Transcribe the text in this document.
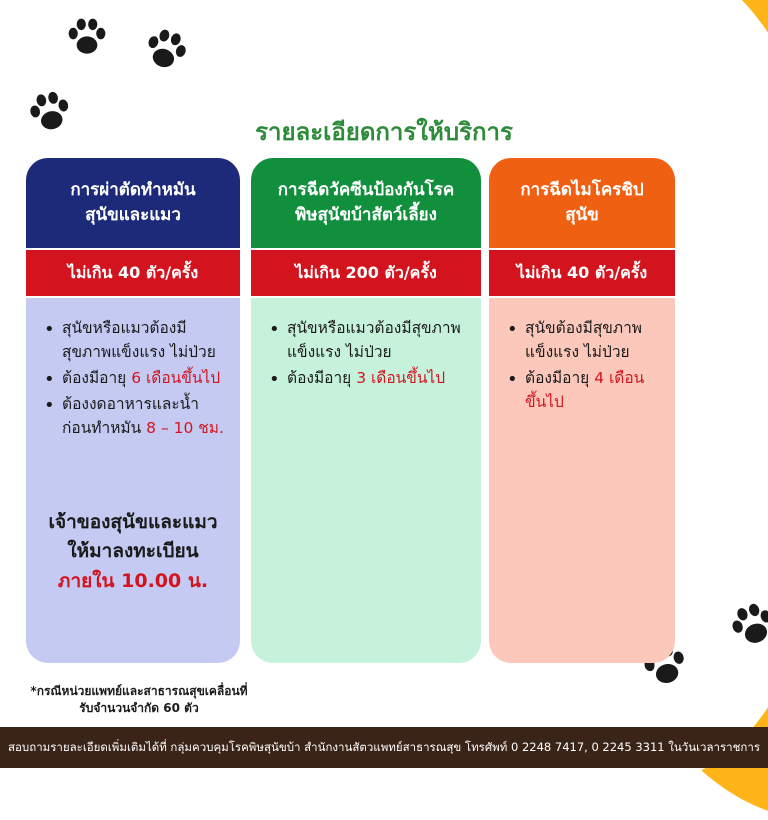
รายละเอียดการให้บริการ
การผ่าตัดทำหมัน
สุนัขและแมว
ไม่เกิน 40 ตัว/ครั้ง
• สุนัขหรือแมวต้องมีสุขภาพแข็งแรง ไม่ป่วย
• ต้องมีอายุ 6 เดือนขึ้นไป
• ต้องงดอาหารและน้ำก่อนทำหมัน 8 – 10 ชม.
เจ้าของสุนัขและแมว
ให้มาลงทะเบียน
ภายใน 10.00 น.
การฉีดวัคซีนป้องกันโรค
พิษสุนัขบ้าสัตว์เลี้ยง
ไม่เกิน 200 ตัว/ครั้ง
• สุนัขหรือแมวต้องมีสุขภาพแข็งแรง ไม่ป่วย
• ต้องมีอายุ 3 เดือนขึ้นไป
การฉีดไมโครชิป
สุนัข
ไม่เกิน 40 ตัว/ครั้ง
• สุนัขต้องมีสุขภาพแข็งแรง ไม่ป่วย
• ต้องมีอายุ 4 เดือนขึ้นไป
*กรณีหน่วยแพทย์และสาธารณสุขเคลื่อนที่
รับจำนวนจำกัด 60 ตัว
สอบถามรายละเอียดเพิ่มเติมได้ที่ กลุ่มควบคุมโรคพิษสุนัขบ้า สำนักงานสัตวแพทย์สาธารณสุข โทรศัพท์ 0 2248 7417, 0 2245 3311 ในวันเวลาราชการ
